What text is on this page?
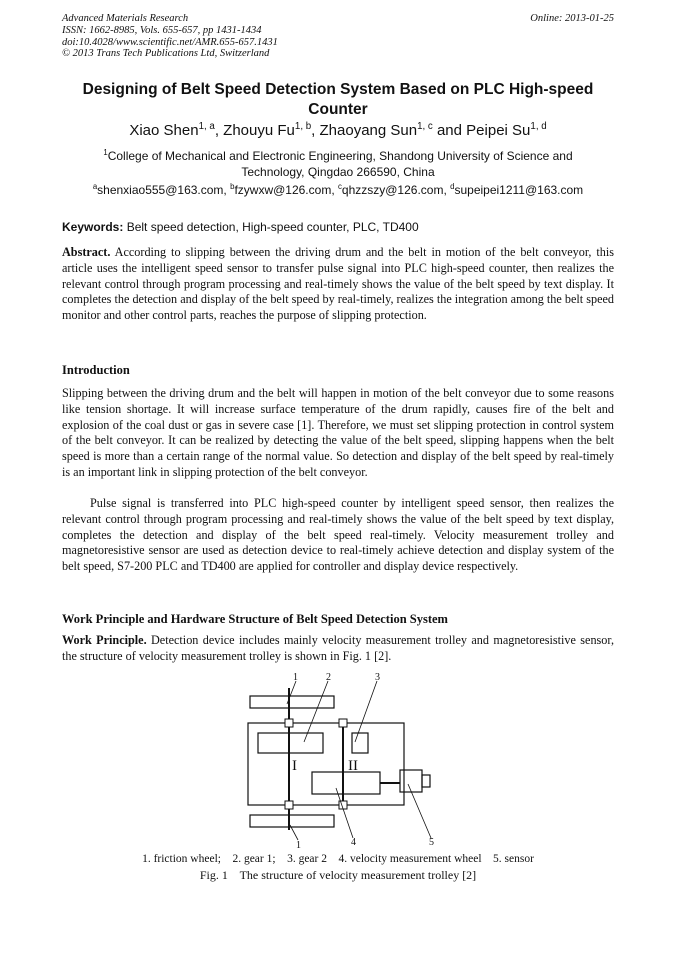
Advanced Materials Research
ISSN: 1662-8985, Vols. 655-657, pp 1431-1434
doi:10.4028/www.scientific.net/AMR.655-657.1431
© 2013 Trans Tech Publications Ltd, Switzerland
Online: 2013-01-25
Designing of Belt Speed Detection System Based on PLC High-speed Counter
Xiao Shen$^{1, a}$, Zhouyu Fu$^{1, b}$, Zhaoyang Sun$^{1, c}$ and Peipei Su$^{1, d}$
$^1$College of Mechanical and Electronic Engineering, Shandong University of Science and
Technology, Qingdao 266590, China
$^a$shenxiao555@163.com, $^b$fzywxw@126.com, $^c$qhzzszy@126.com, $^d$supeipei1211@163.com
Keywords: Belt speed detection, High-speed counter, PLC, TD400
Abstract. According to slipping between the driving drum and the belt in motion of the belt conveyor, this article uses the intelligent speed sensor to transfer pulse signal into PLC high-speed counter, then realizes the relevant control through program processing and real-timely shows the value of the belt speed by text display. It completes the detection and display of the belt speed by real-timely, realizes the integration among the belt speed monitor and other control parts, reaches the purpose of slipping protection.
Introduction
Slipping between the driving drum and the belt will happen in motion of the belt conveyor due to some reasons like tension shortage. It will increase surface temperature of the drum rapidly, causes fire of the belt and explosion of the coal dust or gas in severe case [1]. Therefore, we must set slipping protection in control system of the belt conveyor. It can be realized by detecting the value of the belt speed, slipping happens when the belt speed is more than a certain range of the normal value. So detection and display of the belt speed by real-timely is an important link in slipping protection of the belt conveyor.
Pulse signal is transferred into PLC high-speed counter by intelligent speed sensor, then realizes the relevant control through program processing and real-timely shows the value of the belt speed by text display, completes the detection and display of the belt speed real-timely. Velocity measurement trolley and magnetoresistive sensor are used as detection device to real-timely achieve detection and display system of the belt speed, S7-200 PLC and TD400 are applied for controller and display device respectively.
Work Principle and Hardware Structure of Belt Speed Detection System
Work Principle. Detection device includes mainly velocity measurement trolley and magnetoresistive sensor, the structure of velocity measurement trolley is shown in Fig. 1 [2].
1	2	3
1	4	5
I	II
1. friction wheel;    2. gear 1;    3. gear 2    4. velocity measurement wheel    5. sensor
Fig. 1    The structure of velocity measurement trolley [2]
